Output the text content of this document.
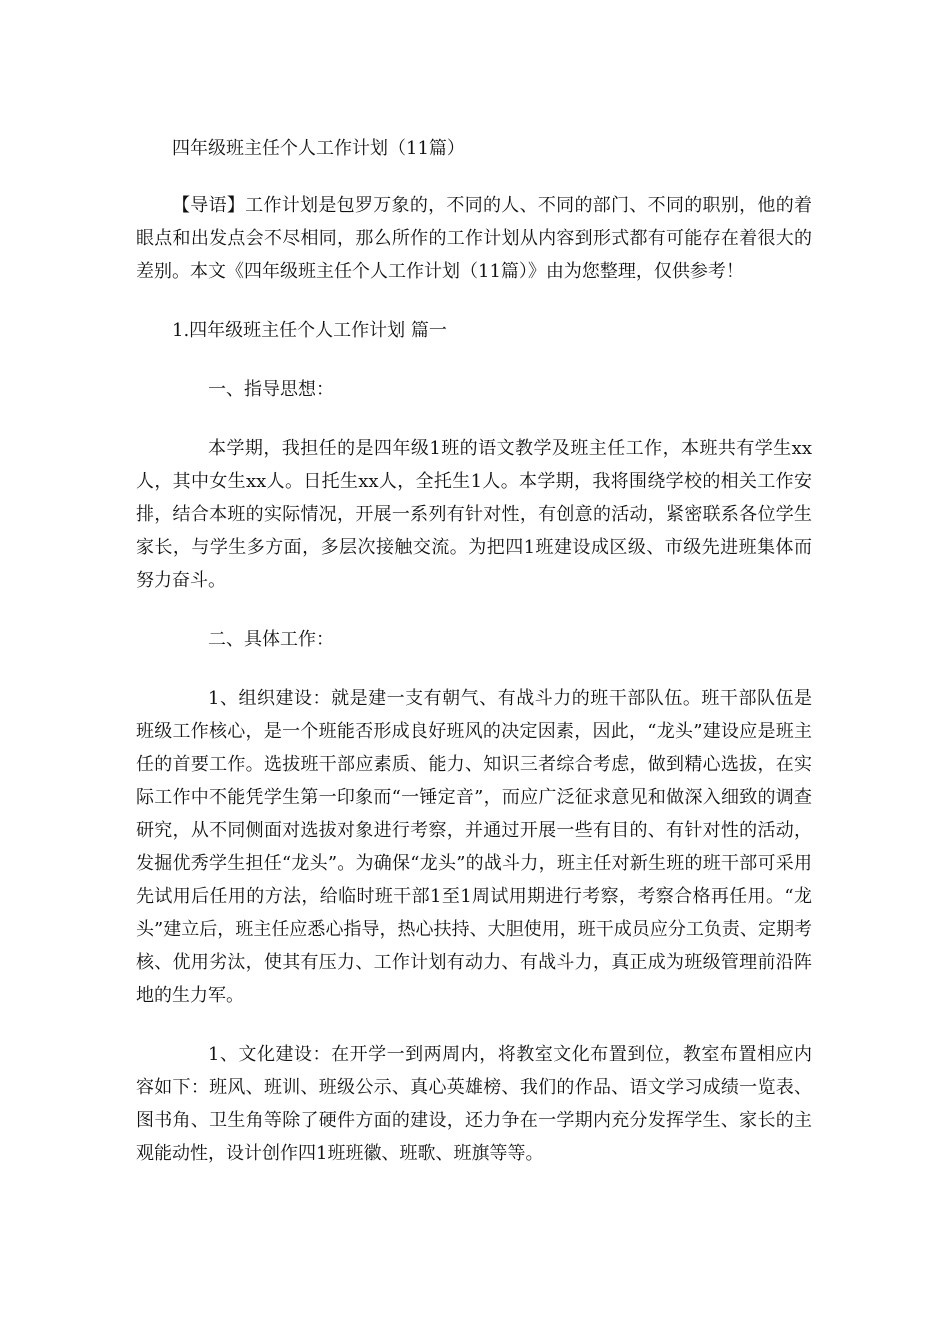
四年级班主任个人工作计划（11篇）

【导语】工作计划是包罗万象的，不同的人、不同的部门、不同的职别，他的着眼点和出发点会不尽相同，那么所作的工作计划从内容到形式都有可能存在着很大的差别。本文《四年级班主任个人工作计划（11篇）》由为您整理，仅供参考！

1.四年级班主任个人工作计划 篇一

一、指导思想：

本学期，我担任的是四年级1班的语文教学及班主任工作，本班共有学生xx人，其中女生xx人。日托生xx人，全托生1人。本学期，我将围绕学校的相关工作安排，结合本班的实际情况，开展一系列有针对性，有创意的活动，紧密联系各位学生家长，与学生多方面，多层次接触交流。为把四1班建设成区级、市级先进班集体而努力奋斗。

二、具体工作：

1、组织建设：就是建一支有朝气、有战斗力的班干部队伍。班干部队伍是班级工作核心，是一个班能否形成良好班风的决定因素，因此，“龙头”建设应是班主任的首要工作。选拔班干部应素质、能力、知识三者综合考虑，做到精心选拔，在实际工作中不能凭学生第一印象而“一锤定音”，而应广泛征求意见和做深入细致的调查研究，从不同侧面对选拔对象进行考察，并通过开展一些有目的、有针对性的活动，发掘优秀学生担任“龙头”。为确保“龙头”的战斗力，班主任对新生班的班干部可采用先试用后任用的方法，给临时班干部1至1周试用期进行考察，考察合格再任用。“龙头”建立后，班主任应悉心指导，热心扶持、大胆使用，班干成员应分工负责、定期考核、优用劣汰，使其有压力、工作计划有动力、有战斗力，真正成为班级管理前沿阵地的生力军。

1、文化建设：在开学一到两周内，将教室文化布置到位，教室布置相应内容如下：班风、班训、班级公示、真心英雄榜、我们的作品、语文学习成绩一览表、图书角、卫生角等除了硬件方面的建设，还力争在一学期内充分发挥学生、家长的主观能动性，设计创作四1班班徽、班歌、班旗等等。
